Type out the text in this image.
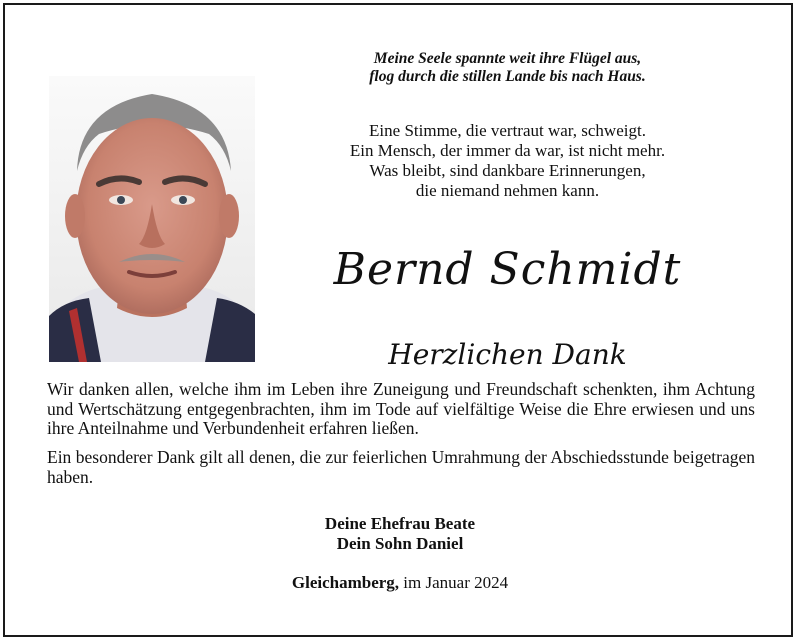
Meine Seele spannte weit ihre Flügel aus,
flog durch die stillen Lande bis nach Haus.
Eine Stimme, die vertraut war, schweigt.
Ein Mensch, der immer da war, ist nicht mehr.
Was bleibt, sind dankbare Erinnerungen,
die niemand nehmen kann.
Bernd Schmidt
Herzlichen Dank
Wir danken allen, welche ihm im Leben ihre Zuneigung und Freundschaft schenkten, ihm Achtung und Wertschätzung entgegenbrachten, ihm im Tode auf vielfältige Weise die Ehre erwiesen und uns ihre Anteilnahme und Verbundenheit erfahren ließen.
Ein besonderer Dank gilt all denen, die zur feierlichen Umrahmung der Abschiedsstunde beigetragen haben.
Deine Ehefrau Beate
Dein Sohn Daniel
Gleichamberg, im Januar 2024
